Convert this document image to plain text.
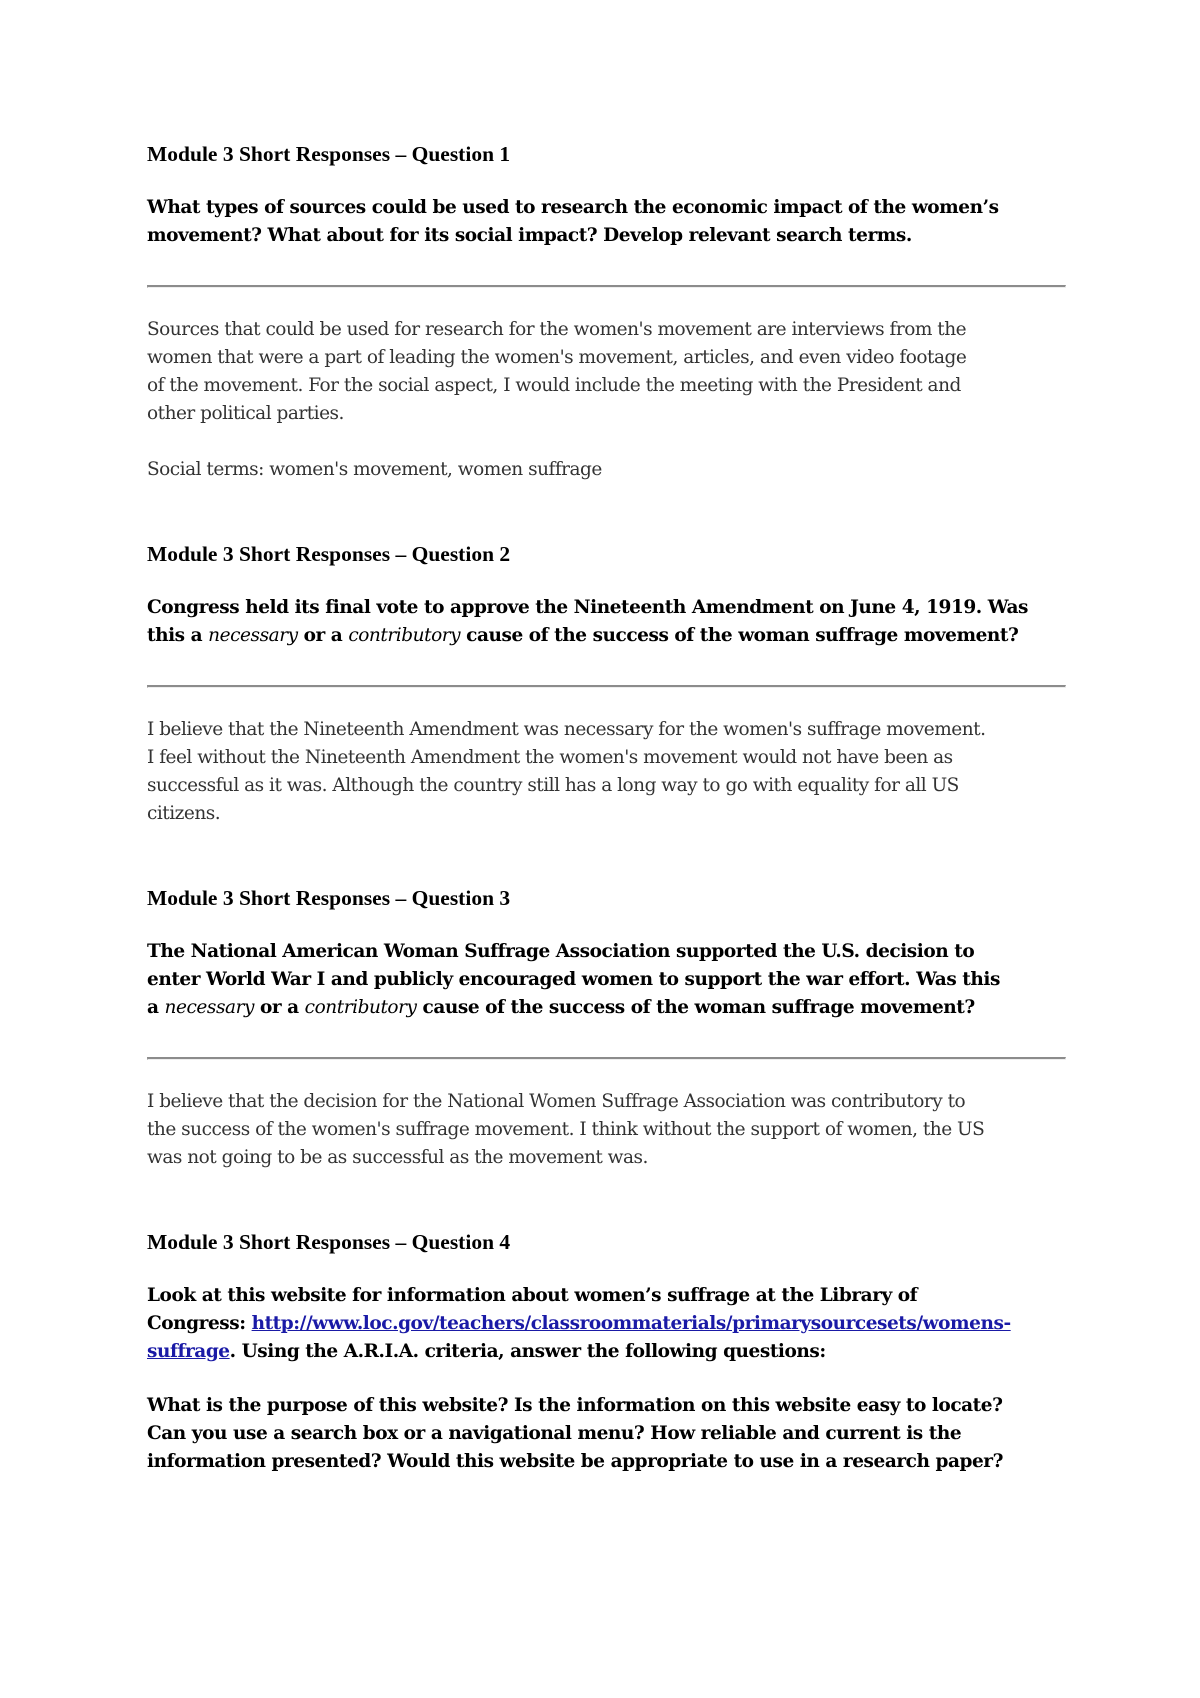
Module 3 Short Responses – Question 1

What types of sources could be used to research the economic impact of the women’s
movement? What about for its social impact? Develop relevant search terms.

Sources that could be used for research for the women's movement are interviews from the
women that were a part of leading the women's movement, articles, and even video footage
of the movement. For the social aspect, I would include the meeting with the President and
other political parties.

Social terms: women's movement, women suffrage

Module 3 Short Responses – Question 2

Congress held its final vote to approve the Nineteenth Amendment on June 4, 1919. Was
this a necessary or a contributory cause of the success of the woman suffrage movement?

I believe that the Nineteenth Amendment was necessary for the women's suffrage movement.
I feel without the Nineteenth Amendment the women's movement would not have been as
successful as it was. Although the country still has a long way to go with equality for all US
citizens.

Module 3 Short Responses – Question 3

The National American Woman Suffrage Association supported the U.S. decision to
enter World War I and publicly encouraged women to support the war effort. Was this
a necessary or a contributory cause of the success of the woman suffrage movement?

I believe that the decision for the National Women Suffrage Association was contributory to
the success of the women's suffrage movement. I think without the support of women, the US
was not going to be as successful as the movement was.

Module 3 Short Responses – Question 4

Look at this website for information about women’s suffrage at the Library of
Congress: http://www.loc.gov/teachers/classroommaterials/primarysourcesets/womens-
suffrage. Using the A.R.I.A. criteria, answer the following questions:

What is the purpose of this website? Is the information on this website easy to locate?
Can you use a search box or a navigational menu? How reliable and current is the
information presented? Would this website be appropriate to use in a research paper?
